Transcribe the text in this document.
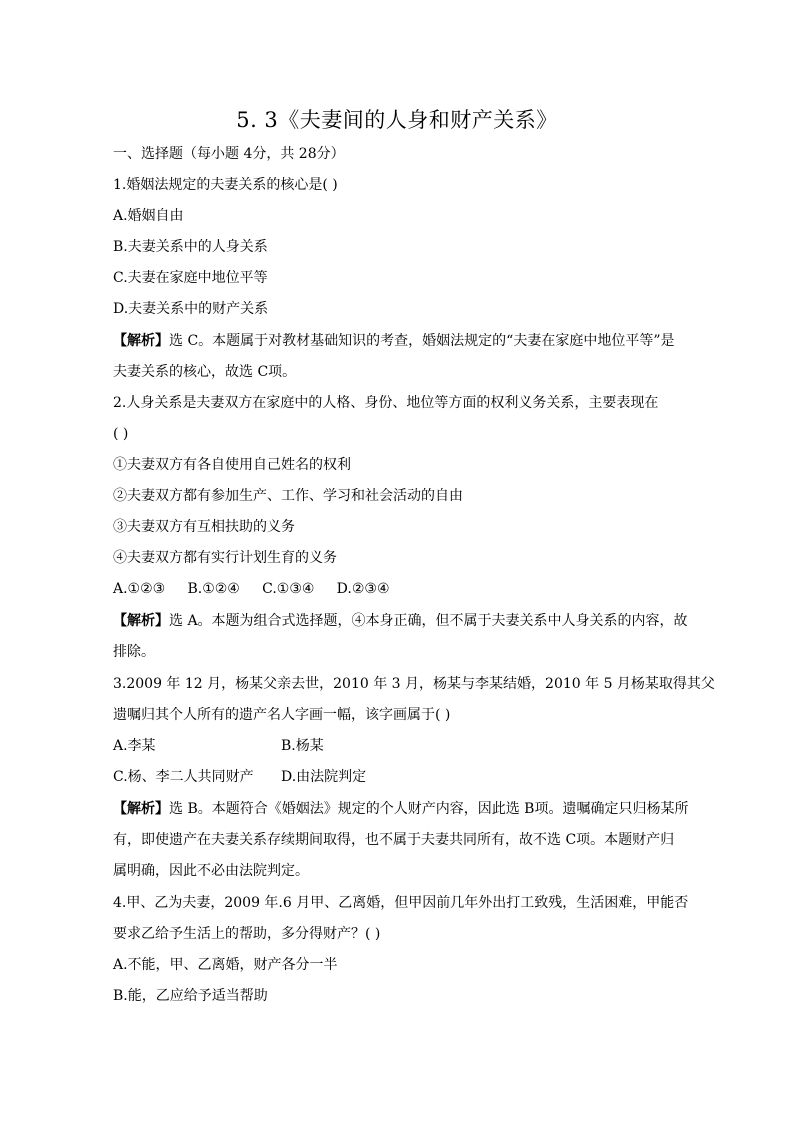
5. 3《夫妻间的人身和财产关系》
一、选择题（每小题 4分，共 28分）
1.婚姻法规定的夫妻关系的核心是( )
A.婚姻自由
B.夫妻关系中的人身关系
C.夫妻在家庭中地位平等
D.夫妻关系中的财产关系
【解析】选 C。本题属于对教材基础知识的考查，婚姻法规定的“夫妻在家庭中地位平等”是
夫妻关系的核心，故选 C项。
2.人身关系是夫妻双方在家庭中的人格、身份、地位等方面的权利义务关系，主要表现在
( )
①夫妻双方有各自使用自己姓名的权利
②夫妻双方都有参加生产、工作、学习和社会活动的自由
③夫妻双方有互相扶助的义务
④夫妻双方都有实行计划生育的义务
A.①②③     B.①②④     C.①③④     D.②③④
【解析】选 A。本题为组合式选择题，④本身正确，但不属于夫妻关系中人身关系的内容，故
排除。
3.2009 年 12 月，杨某父亲去世，2010 年 3 月，杨某与李某结婚，2010 年 5 月杨某取得其父
遗嘱归其个人所有的遗产名人字画一幅，该字画属于( )
A.李某	B.杨某
C.杨、李二人共同财产 D.由法院判定
【解析】选 B。本题符合《婚姻法》规定的个人财产内容，因此选 B项。遗嘱确定只归杨某所
有，即使遗产在夫妻关系存续期间取得，也不属于夫妻共同所有，故不选 C项。本题财产归
属明确，因此不必由法院判定。
4.甲、乙为夫妻，2009 年.6 月甲、乙离婚，但甲因前几年外出打工致残，生活困难，甲能否
要求乙给予生活上的帮助，多分得财产？( )
A.不能，甲、乙离婚，财产各分一半
B.能，乙应给予适当帮助
